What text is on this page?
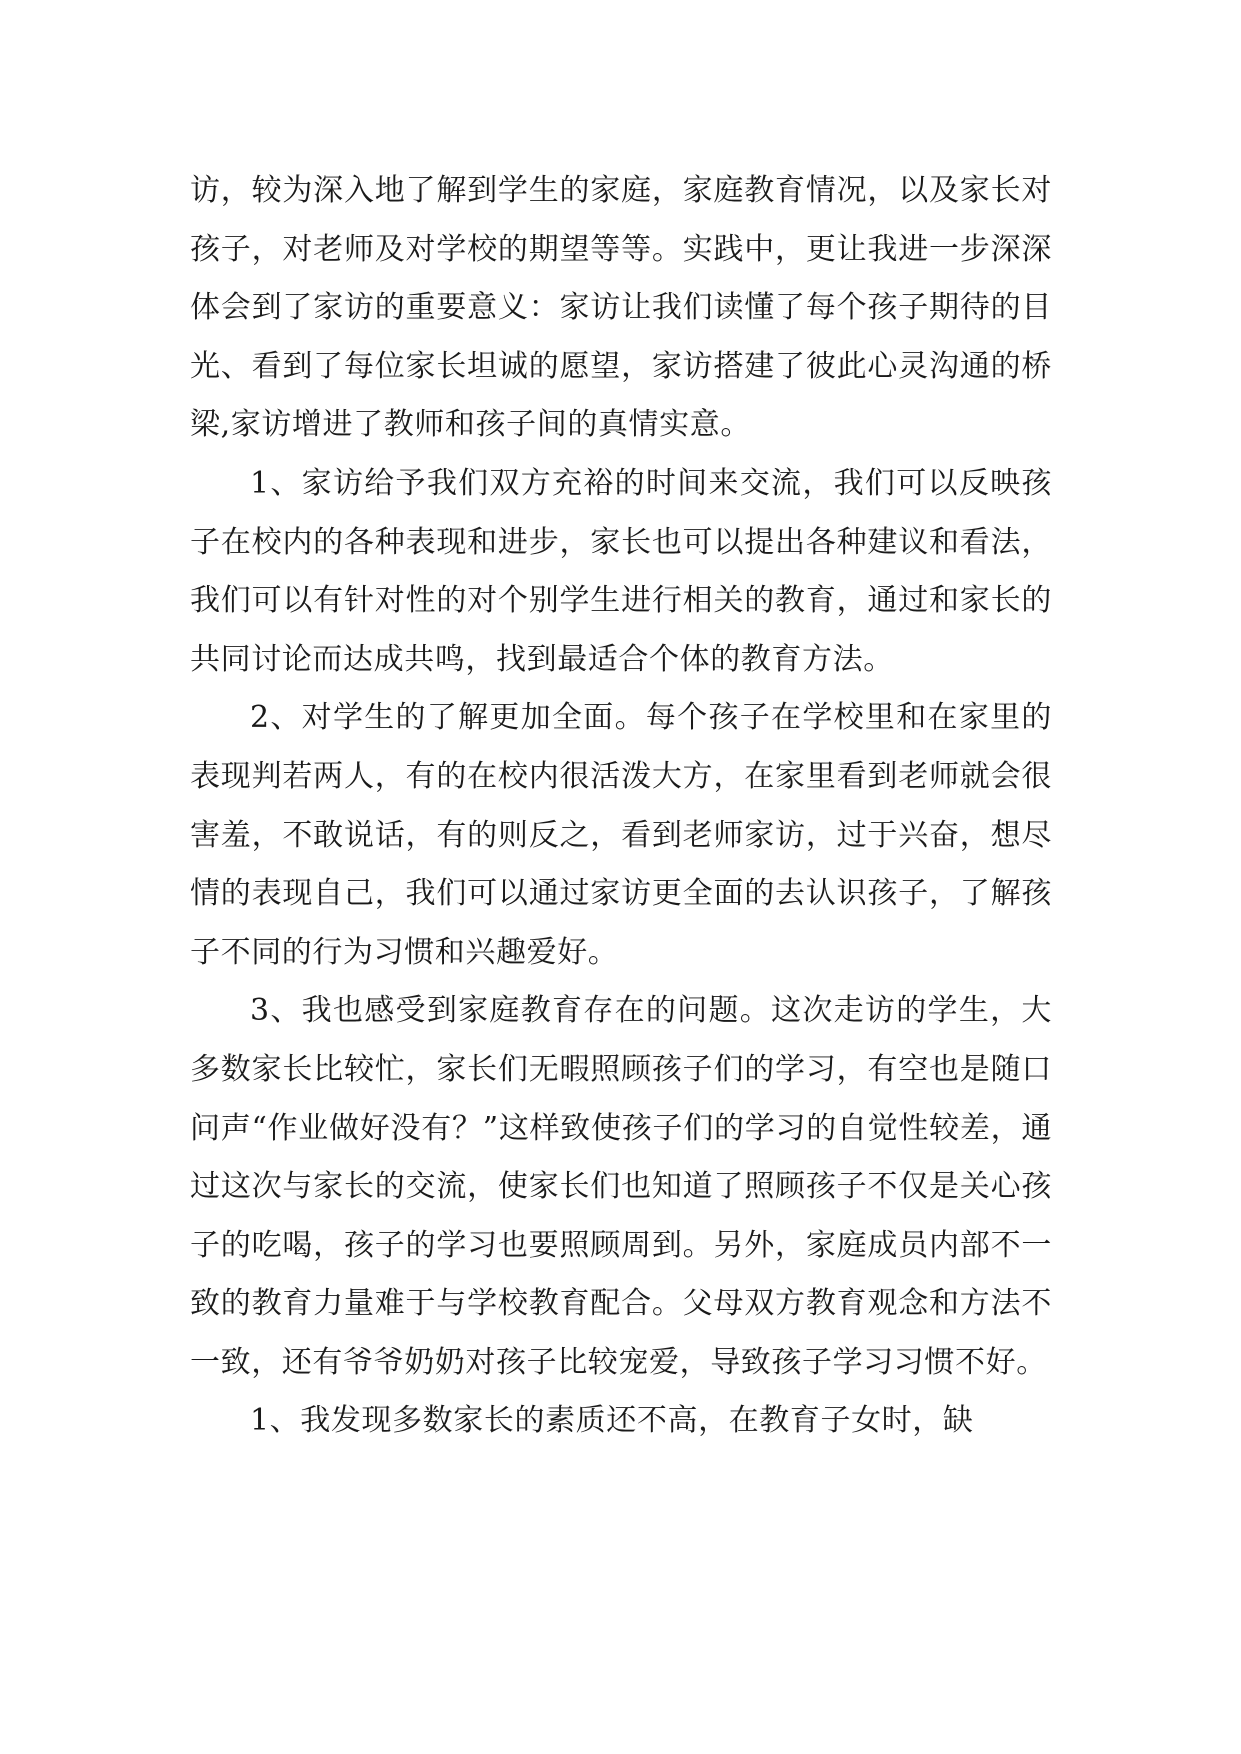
访，较为深入地了解到学生的家庭，家庭教育情况，以及家长对孩子，对老师及对学校的期望等等。实践中，更让我进一步深深体会到了家访的重要意义：家访让我们读懂了每个孩子期待的目光、看到了每位家长坦诚的愿望，家访搭建了彼此心灵沟通的桥梁,家访增进了教师和孩子间的真情实意。

1、家访给予我们双方充裕的时间来交流，我们可以反映孩子在校内的各种表现和进步，家长也可以提出各种建议和看法，我们可以有针对性的对个别学生进行相关的教育，通过和家长的共同讨论而达成共鸣，找到最适合个体的教育方法。

2、对学生的了解更加全面。每个孩子在学校里和在家里的表现判若两人，有的在校内很活泼大方，在家里看到老师就会很害羞，不敢说话，有的则反之，看到老师家访，过于兴奋，想尽情的表现自己，我们可以通过家访更全面的去认识孩子，了解孩子不同的行为习惯和兴趣爱好。

3、我也感受到家庭教育存在的问题。这次走访的学生，大多数家长比较忙，家长们无暇照顾孩子们的学习，有空也是随口问声“作业做好没有？”这样致使孩子们的学习的自觉性较差，通过这次与家长的交流，使家长们也知道了照顾孩子不仅是关心孩子的吃喝，孩子的学习也要照顾周到。另外，家庭成员内部不一致的教育力量难于与学校教育配合。父母双方教育观念和方法不一致，还有爷爷奶奶对孩子比较宠爱，导致孩子学习习惯不好。

1、我发现多数家长的素质还不高，在教育子女时，缺
